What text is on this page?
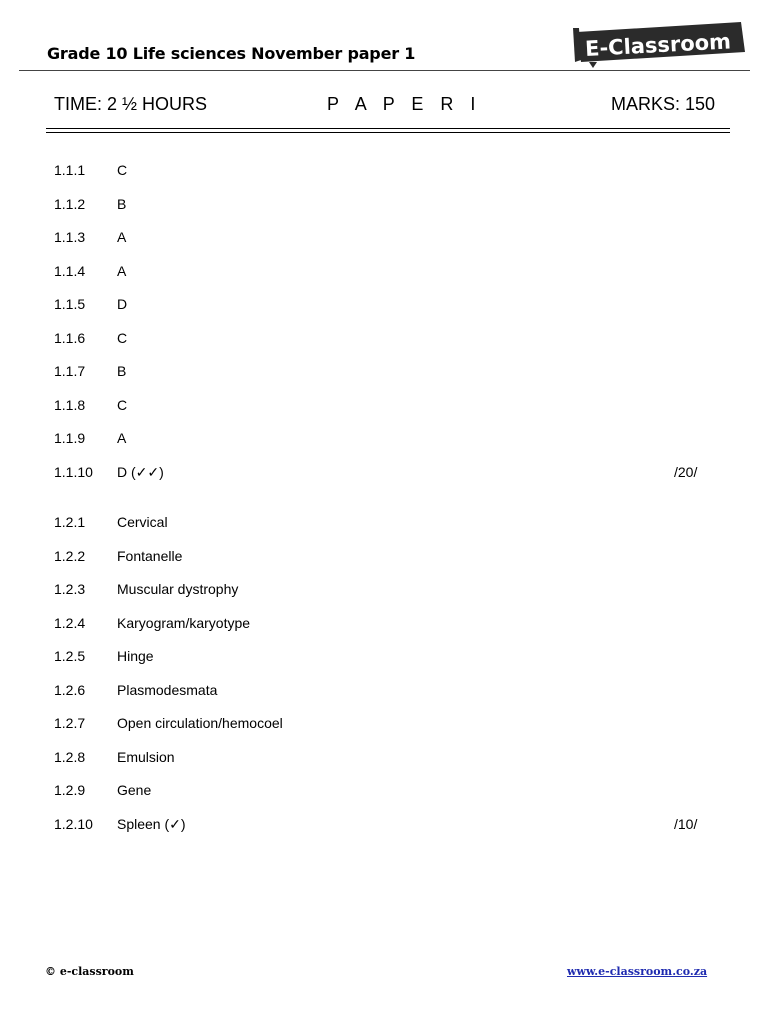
Grade 10 Life sciences November paper 1	E-Classroom
TIME: 2 ½ HOURS	P A P E R I	MARKS: 150
1.1.1 C
1.1.2 B
1.1.3 A
1.1.4 A
1.1.5 D
1.1.6 C
1.1.7 B
1.1.8 C
1.1.9 A
1.1.10 D (✓✓)	/20/
1.2.1 Cervical
1.2.2 Fontanelle
1.2.3 Muscular dystrophy
1.2.4 Karyogram/karyotype
1.2.5 Hinge
1.2.6 Plasmodesmata
1.2.7 Open circulation/hemocoel
1.2.8 Emulsion
1.2.9 Gene
1.2.10 Spleen (✓)	/10/
© e-classroom	www.e-classroom.co.za
